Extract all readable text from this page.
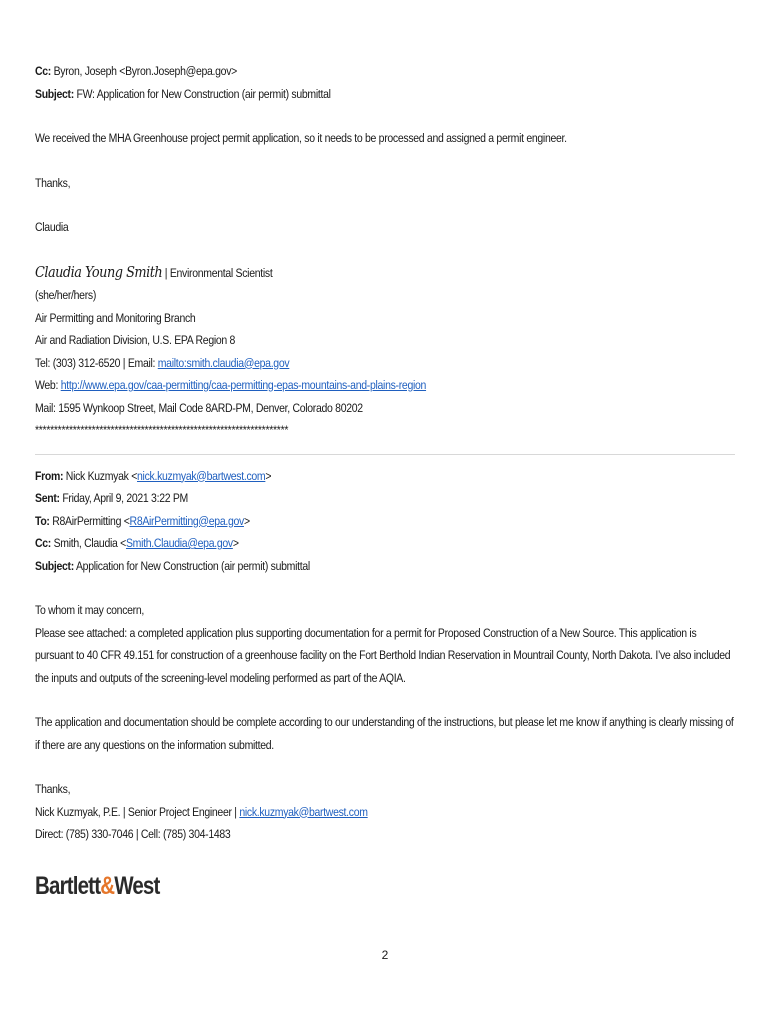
Cc: Byron, Joseph <Byron.Joseph@epa.gov>
Subject: FW: Application for New Construction (air permit) submittal
We received the MHA Greenhouse project permit application, so it needs to be processed and assigned a permit engineer.
Thanks,
Claudia
Claudia Young Smith | Environmental Scientist
(she/her/hers)
Air Permitting and Monitoring Branch
Air and Radiation Division, U.S. EPA Region 8
Tel: (303) 312-6520 | Email: mailto:smith.claudia@epa.gov
Web: http://www.epa.gov/caa-permitting/caa-permitting-epas-mountains-and-plains-region
Mail: 1595 Wynkoop Street, Mail Code 8ARD-PM, Denver, Colorado 80202
*******************************************************************
From: Nick Kuzmyak <nick.kuzmyak@bartwest.com>
Sent: Friday, April 9, 2021 3:22 PM
To: R8AirPermitting <R8AirPermitting@epa.gov>
Cc: Smith, Claudia <Smith.Claudia@epa.gov>
Subject: Application for New Construction (air permit) submittal
To whom it may concern,
Please see attached: a completed application plus supporting documentation for a permit for Proposed Construction of a New Source. This application is pursuant to 40 CFR 49.151 for construction of a greenhouse facility on the Fort Berthold Indian Reservation in Mountrail County, North Dakota. I’ve also included the inputs and outputs of the screening-level modeling performed as part of the AQIA.
The application and documentation should be complete according to our understanding of the instructions, but please let me know if anything is clearly missing of if there are any questions on the information submitted.
Thanks,
Nick Kuzmyak, P.E. | Senior Project Engineer | nick.kuzmyak@bartwest.com
Direct: (785) 330-7046 | Cell: (785) 304-1483
Bartlett&West
2
